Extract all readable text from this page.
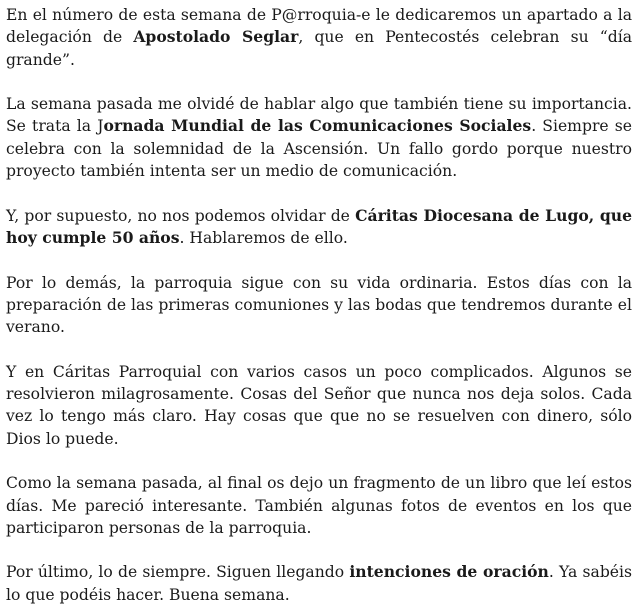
En el número de esta semana de P@rroquia-e le dedicaremos un apartado a la delegación de Apostolado Seglar, que en Pentecostés celebran su “día grande”.

La semana pasada me olvidé de hablar algo que también tiene su importancia. Se trata la Jornada Mundial de las Comunicaciones Sociales. Siempre se celebra con la solemnidad de la Ascensión. Un fallo gordo porque nuestro proyecto también intenta ser un medio de comunicación.

Y, por supuesto, no nos podemos olvidar de Cáritas Diocesana de Lugo, que hoy cumple 50 años. Hablaremos de ello.

Por lo demás, la parroquia sigue con su vida ordinaria. Estos días con la preparación de las primeras comuniones y las bodas que tendremos durante el verano.

Y en Cáritas Parroquial con varios casos un poco complicados. Algunos se resolvieron milagrosamente. Cosas del Señor que nunca nos deja solos. Cada vez lo tengo más claro. Hay cosas que que no se resuelven con dinero, sólo Dios lo puede.

Como la semana pasada, al final os dejo un fragmento de un libro que leí estos días. Me pareció interesante. También algunas fotos de eventos en los que participaron personas de la parroquia.

Por último, lo de siempre. Siguen llegando intenciones de oración. Ya sabéis lo que podéis hacer. Buena semana.
